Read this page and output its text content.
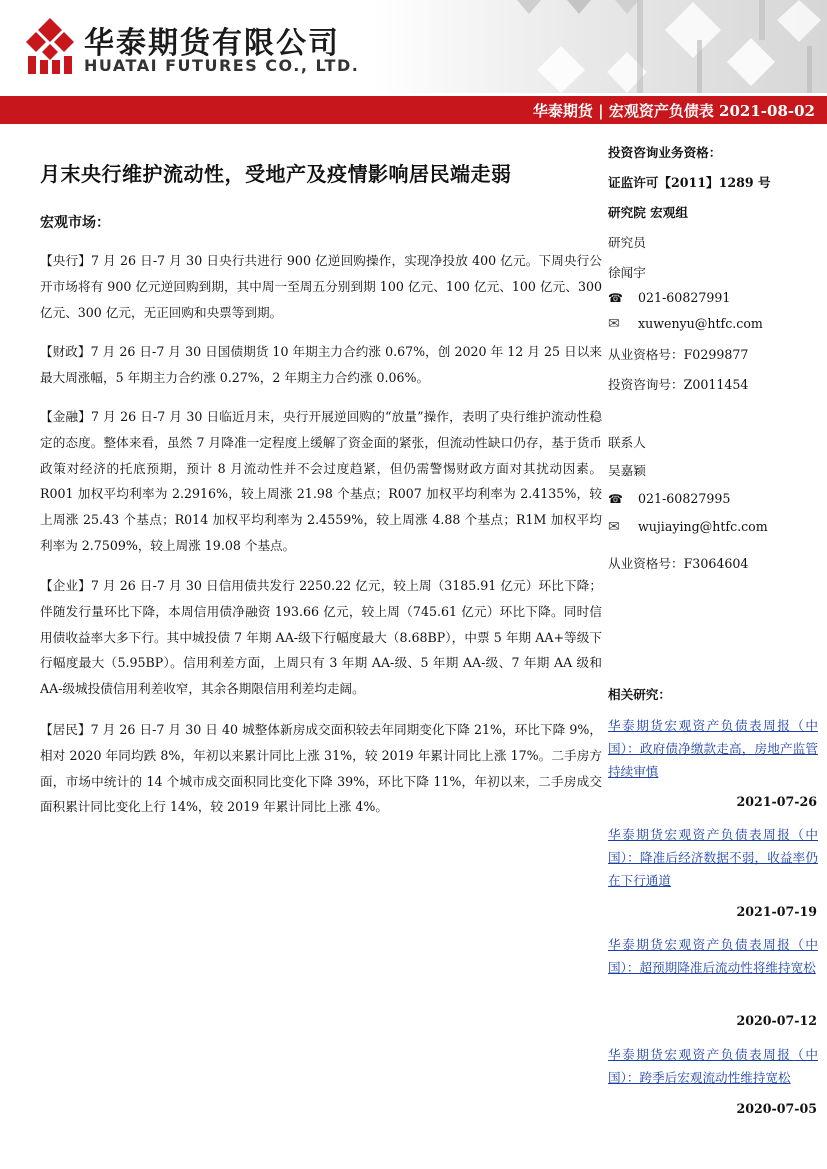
华泰期货有限公司
HUATAI FUTURES CO., LTD.
华泰期货 | 宏观资产负债表 2021-08-02
月末央行维护流动性，受地产及疫情影响居民端走弱
宏观市场：

【央行】7 月 26 日-7 月 30 日央行共进行 900 亿逆回购操作，实现净投放 400 亿元。下周央行公开市场将有 900 亿元逆回购到期，其中周一至周五分别到期 100 亿元、100 亿元、100 亿元、300 亿元、300 亿元，无正回购和央票等到期。

【财政】7 月 26 日-7 月 30 日国债期货 10 年期主力合约涨 0.67%，创 2020 年 12 月 25 日以来最大周涨幅，5 年期主力合约涨 0.27%，2 年期主力合约涨 0.06%。

【金融】7 月 26 日-7 月 30 日临近月末，央行开展逆回购的“放量”操作，表明了央行维护流动性稳定的态度。整体来看，虽然 7 月降准一定程度上缓解了资金面的紧张，但流动性缺口仍存，基于货币政策对经济的托底预期，预计 8 月流动性并不会过度趋紧，但仍需警惕财政方面对其扰动因素。R001 加权平均利率为 2.2916%，较上周涨 21.98 个基点；R007 加权平均利率为 2.4135%，较上周涨 25.43 个基点；R014 加权平均利率为 2.4559%，较上周涨 4.88 个基点；R1M 加权平均利率为 2.7509%，较上周涨 19.08 个基点。

【企业】7 月 26 日-7 月 30 日信用债共发行 2250.22 亿元，较上周（3185.91 亿元）环比下降；伴随发行量环比下降，本周信用债净融资 193.66 亿元，较上周（745.61 亿元）环比下降。同时信用债收益率大多下行。其中城投债 7 年期 AA-级下行幅度最大（8.68BP），中票 5 年期 AA+等级下行幅度最大（5.95BP）。信用利差方面，上周只有 3 年期 AA-级、5 年期 AA-级、7 年期 AA 级和 AA-级城投债信用利差收窄，其余各期限信用利差均走阔。

【居民】7 月 26 日-7 月 30 日 40 城整体新房成交面积较去年同期变化下降 21%，环比下降 9%，相对 2020 年同均跌 8%，年初以来累计同比上涨 31%，较 2019 年累计同比上涨 17%。二手房方面，市场中统计的 14 个城市成交面积同比变化下降 39%，环比下降 11%，年初以来，二手房成交面积累计同比变化上行 14%，较 2019 年累计同比上涨 4%。

投资咨询业务资格：
证监许可【2011】1289 号
研究院 宏观组
研究员
徐闻宇
☎ 021-60827991
✉ xuwenyu@htfc.com
从业资格号：F0299877
投资咨询号：Z0011454
联系人
吴嘉颖
☎ 021-60827995
✉ wujiaying@htfc.com
从业资格号：F3064604
相关研究：

华泰期货宏观资产负债表周报（中国）：政府债净缴款走高，房地产监管持续审慎

2021-07-26

华泰期货宏观资产负债表周报（中国）：降准后经济数据不弱，收益率仍在下行通道

2021-07-19

华泰期货宏观资产负债表周报（中国）：超预期降准后流动性将维持宽松

2020-07-12

华泰期货宏观资产负债表周报（中国）：跨季后宏观流动性维持宽松

2020-07-05
